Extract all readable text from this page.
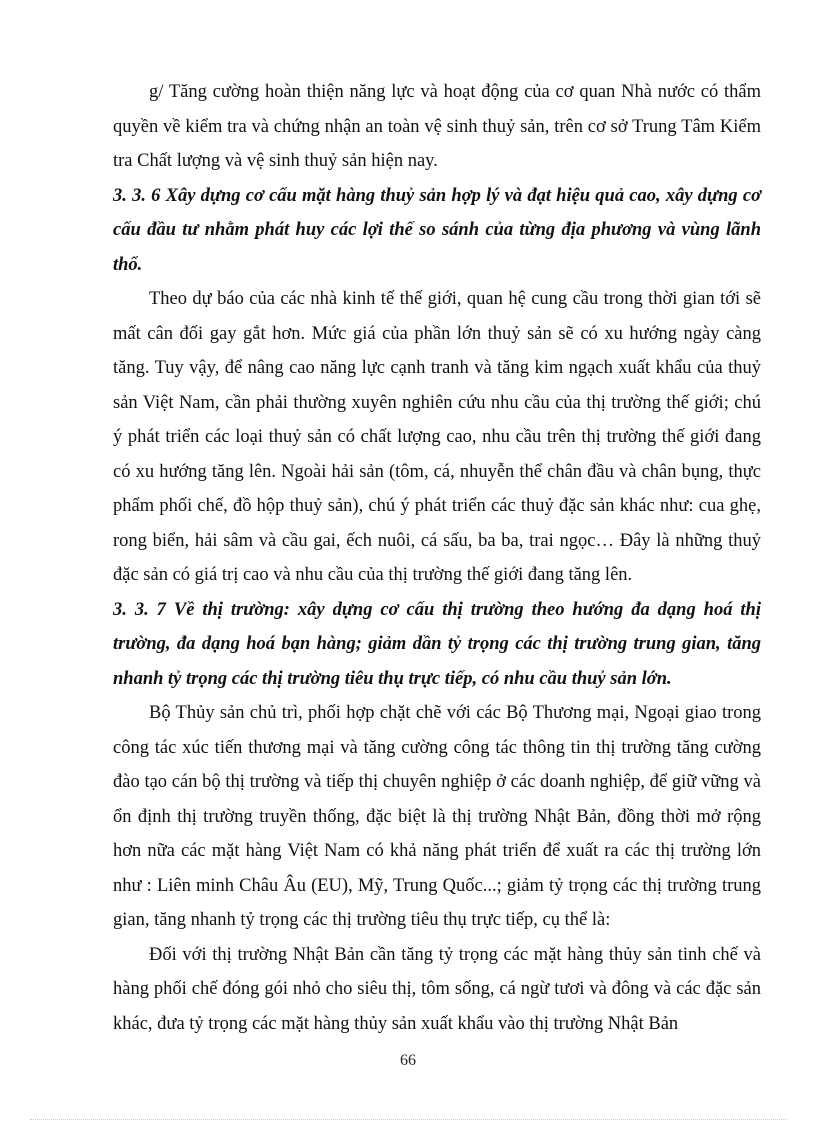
g/ Tăng cường hoàn thiện năng lực và hoạt động của cơ quan Nhà nước có thẩm quyền về kiểm tra và chứng nhận an toàn vệ sinh thuỷ sản, trên cơ sở Trung Tâm Kiểm tra Chất lượng và vệ sinh thuỷ sản hiện nay.

3. 3. 6 Xây dựng cơ cấu mặt hàng thuỷ sản hợp lý và đạt hiệu quả cao, xây dựng cơ cấu đầu tư nhằm phát huy các lợi thế so sánh của từng địa phương và vùng lãnh thổ.

Theo dự báo của các nhà kinh tế thế giới, quan hệ cung cầu trong thời gian tới sẽ mất cân đối gay gắt hơn. Mức giá của phần lớn thuỷ sản sẽ có xu hướng ngày càng tăng. Tuy vậy, để nâng cao năng lực cạnh tranh và tăng kim ngạch xuất khẩu của thuỷ sản Việt Nam, cần phải thường xuyên nghiên cứu nhu cầu của thị trường thế giới; chú ý phát triển các loại thuỷ sản có chất lượng cao, nhu cầu trên thị trường thế giới đang có xu hướng tăng lên. Ngoài hải sản (tôm, cá, nhuyễn thể chân đầu và chân bụng, thực phẩm phối chế, đồ hộp thuỷ sản), chú ý phát triển các thuỷ đặc sản khác như: cua ghẹ, rong biển, hải sâm và cầu gai, ếch nuôi, cá sấu, ba ba, trai ngọc… Đây là những thuỷ đặc sản có giá trị cao và nhu cầu của thị trường thế giới đang tăng lên.

3. 3. 7 Về thị trường: xây dựng cơ cấu thị trường theo hướng đa dạng hoá thị trường, đa dạng hoá bạn hàng; giảm dần tỷ trọng các thị trường trung gian, tăng nhanh tỷ trọng các thị trường tiêu thụ trực tiếp, có nhu cầu thuỷ sản lớn.

Bộ Thủy sản chủ trì, phối hợp chặt chẽ với các Bộ Thương mại, Ngoại giao trong công tác xúc tiến thương mại và tăng cường công tác thông tin thị trường tăng cường đào tạo cán bộ thị trường và tiếp thị chuyên nghiệp ở các doanh nghiệp, để giữ vững và ổn định thị trường truyền thống, đặc biệt là thị trường Nhật Bản, đồng thời mở rộng hơn nữa các mặt hàng Việt Nam có khả năng phát triển để xuất ra các thị trường lớn như : Liên minh Châu Âu (EU), Mỹ, Trung Quốc...; giảm tỷ trọng các thị trường trung gian, tăng nhanh tỷ trọng các thị trường tiêu thụ trực tiếp, cụ thể là:

Đối với thị trường Nhật Bản cần tăng tỷ trọng các mặt hàng thủy sản tinh chế và hàng phối chế đóng gói nhỏ cho siêu thị, tôm sống, cá ngừ tươi và đông và các đặc sản khác, đưa tỷ trọng các mặt hàng thủy sản xuất khẩu vào thị trường Nhật Bản

66
